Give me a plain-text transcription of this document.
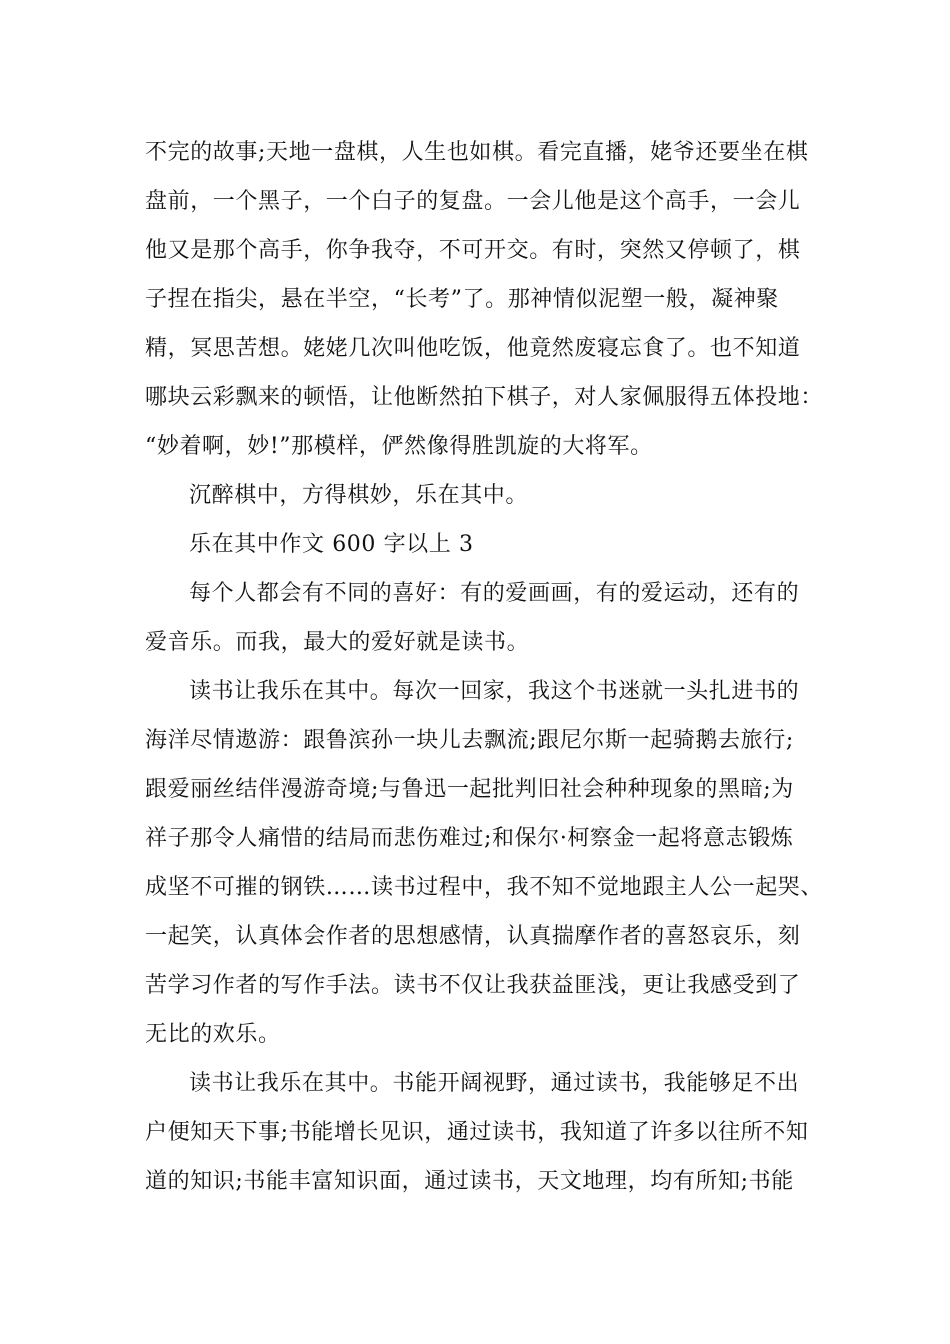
不完的故事;天地一盘棋，人生也如棋。看完直播，姥爷还要坐在棋
盘前，一个黑子，一个白子的复盘。一会儿他是这个高手，一会儿
他又是那个高手，你争我夺，不可开交。有时，突然又停顿了，棋
子捏在指尖，悬在半空，“长考”了。那神情似泥塑一般，凝神聚
精，冥思苦想。姥姥几次叫他吃饭，他竟然废寝忘食了。也不知道
哪块云彩飘来的顿悟，让他断然拍下棋子，对人家佩服得五体投地：
“妙着啊，妙!”那模样，俨然像得胜凯旋的大将军。
沉醉棋中，方得棋妙，乐在其中。
乐在其中作文 600 字以上 3
每个人都会有不同的喜好：有的爱画画，有的爱运动，还有的
爱音乐。而我，最大的爱好就是读书。
读书让我乐在其中。每次一回家，我这个书迷就一头扎进书的
海洋尽情遨游：跟鲁滨孙一块儿去飘流;跟尼尔斯一起骑鹅去旅行;
跟爱丽丝结伴漫游奇境;与鲁迅一起批判旧社会种种现象的黑暗;为
祥子那令人痛惜的结局而悲伤难过;和保尔·柯察金一起将意志锻炼
成坚不可摧的钢铁……读书过程中，我不知不觉地跟主人公一起哭、
一起笑，认真体会作者的思想感情，认真揣摩作者的喜怒哀乐，刻
苦学习作者的写作手法。读书不仅让我获益匪浅，更让我感受到了
无比的欢乐。
读书让我乐在其中。书能开阔视野，通过读书，我能够足不出
户便知天下事;书能增长见识，通过读书，我知道了许多以往所不知
道的知识;书能丰富知识面，通过读书，天文地理，均有所知;书能
